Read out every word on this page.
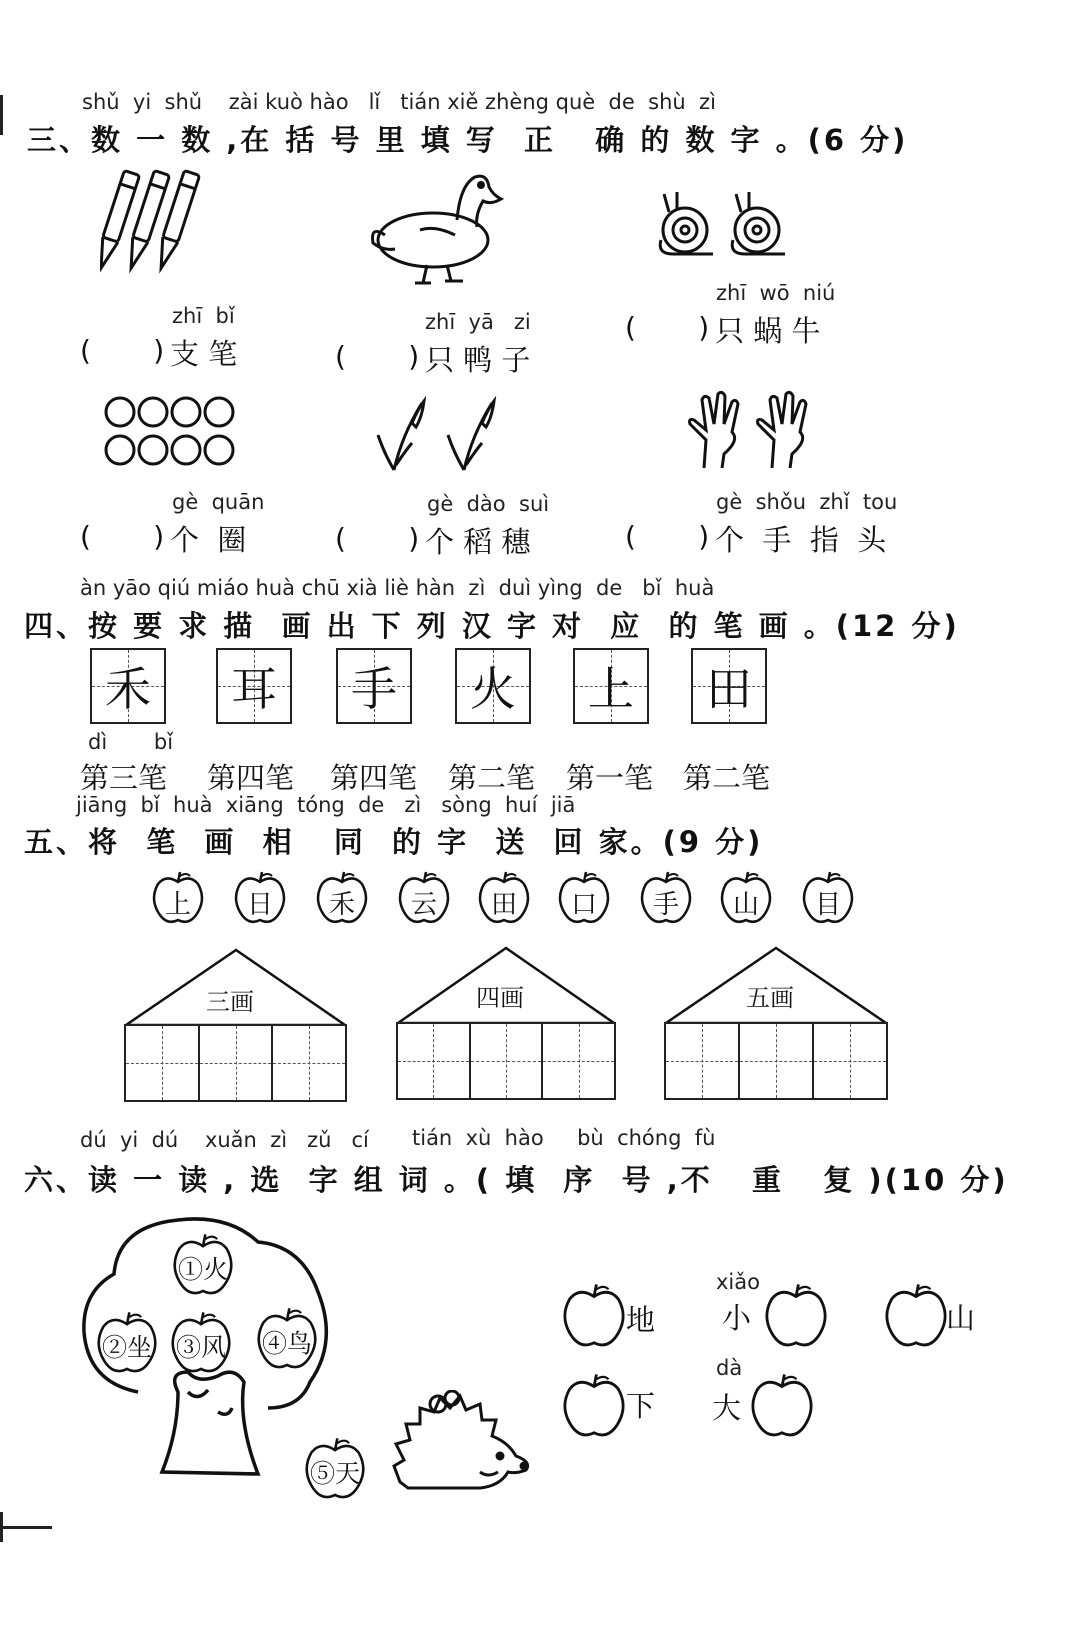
shǔ  yi  shǔ    zài kuò hào   lǐ   tián xiě zhèng què  de  shù  zì
三、数 一 数 ,在 括 号 里 填 写  正   确 的 数 字 。(6 分)
zhī  bǐ
(       ) 支 笔
zhī  yā   zi
(       ) 只 鸭 子
zhī  wō  niú
(       ) 只 蜗 牛
gè  quān
(       ) 个  圈
gè  dào  suì
(       ) 个 稻 穗
gè  shǒu  zhǐ  tou
(       ) 个  手  指  头
àn yāo qiú miáo huà chū xià liè hàn  zì  duì yìng  de   bǐ  huà
四、按 要 求 描  画 出 下 列 汉 字 对  应  的 笔 画 。(12 分)
禾 耳 手 火 上 田
dì       bǐ
第三笔 第四笔 第四笔 第二笔 第一笔 第二笔
jiāng  bǐ  huà  xiāng  tóng  de   zì   sòng  huí  jiā
五、将  笔  画  相   同  的 字  送  回 家。(9 分)
上	日	禾	云	田	口	手	山	目
三画	四画	五画
dú  yi  dú    xuǎn  zì   zǔ   cí tián  xù  hào     bù  chóng  fù
六、读 一 读 , 选  字 组 词 。( 填  序  号 ,不   重   复 )(10 分)
①火
②坐 ③风	④鸟
⑤天
地 小
xiǎo
山
下 大
dà
